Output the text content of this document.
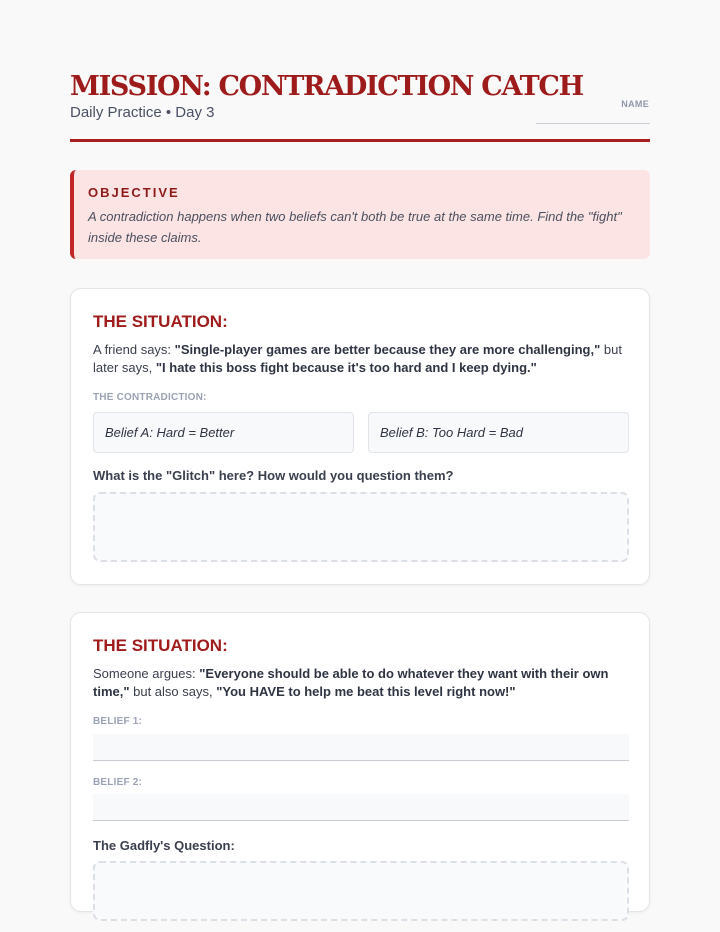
MISSION: CONTRADICTION CATCH
Daily Practice • Day 3	NAME
OBJECTIVE
A contradiction happens when two beliefs can't both be true at the same time. Find the "fight" inside these claims.
THE SITUATION:
A friend says: "Single-player games are better because they are more challenging," but later says, "I hate this boss fight because it's too hard and I keep dying."
THE CONTRADICTION:
Belief A: Hard = Better	Belief B: Too Hard = Bad
What is the "Glitch" here? How would you question them?
THE SITUATION:
Someone argues: "Everyone should be able to do whatever they want with their own time," but also says, "You HAVE to help me beat this level right now!"
BELIEF 1:
BELIEF 2:
The Gadfly's Question:
